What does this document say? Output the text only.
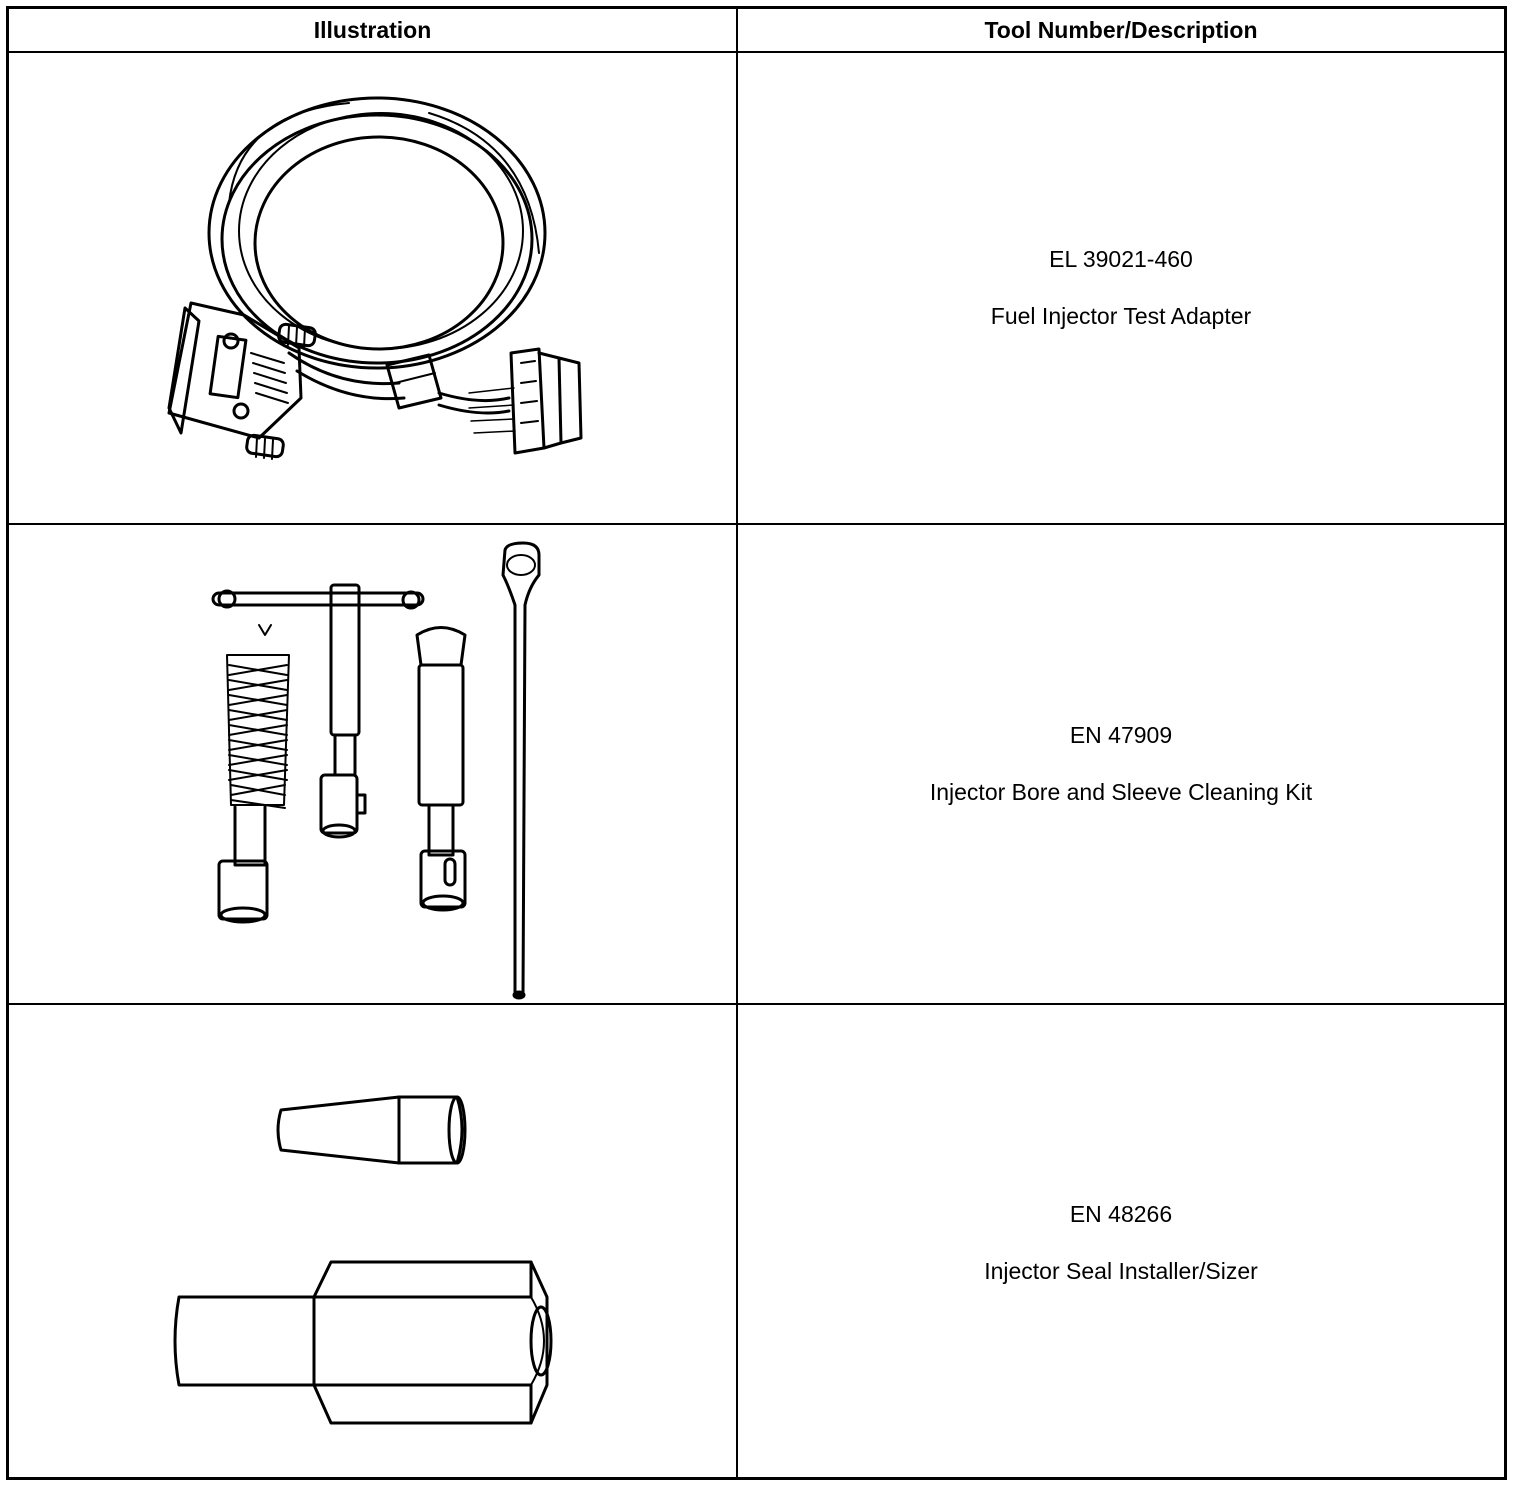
Illustration	Tool Number/Description
EL 39021-460
Fuel Injector Test Adapter
EN 47909
Injector Bore and Sleeve Cleaning Kit
EN 48266
Injector Seal Installer/Sizer
